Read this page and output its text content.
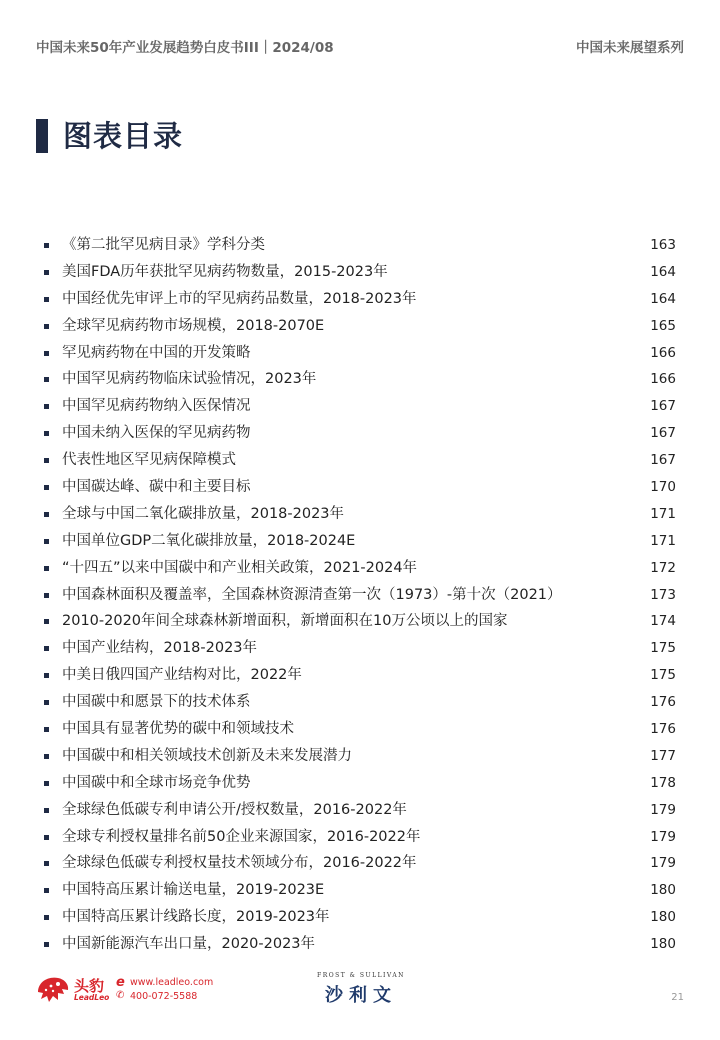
中国未来50年产业发展趋势白皮书III｜2024/08	中国未来展望系列
图表目录
《第二批罕见病目录》学科分类	163
美国FDA历年获批罕见病药物数量，2015-2023年	164
中国经优先审评上市的罕见病药品数量，2018-2023年	164
全球罕见病药物市场规模，2018-2070E	165
罕见病药物在中国的开发策略	166
中国罕见病药物临床试验情况，2023年	166
中国罕见病药物纳入医保情况	167
中国未纳入医保的罕见病药物	167
代表性地区罕见病保障模式	167
中国碳达峰、碳中和主要目标	170
全球与中国二氧化碳排放量，2018-2023年	171
中国单位GDP二氧化碳排放量，2018-2024E	171
“十四五”以来中国碳中和产业相关政策，2021-2024年	172
中国森林面积及覆盖率，全国森林资源清查第一次（1973）-第十次（2021）	173
2010-2020年间全球森林新增面积，新增面积在10万公顷以上的国家	174
中国产业结构，2018-2023年	175
中美日俄四国产业结构对比，2022年	175
中国碳中和愿景下的技术体系	176
中国具有显著优势的碳中和领域技术	176
中国碳中和相关领域技术创新及未来发展潜力	177
中国碳中和全球市场竞争优势	178
全球绿色低碳专利申请公开/授权数量，2016-2022年	179
全球专利授权量排名前50企业来源国家，2016-2022年	179
全球绿色低碳专利授权量技术领域分布，2016-2022年	179
中国特高压累计输送电量，2019-2023E	180
中国特高压累计线路长度，2019-2023年	180
中国新能源汽车出口量，2020-2023年	180
头豹
LeadLeo
e www.leadleo.com
✆ 400-072-5588
FROST & SULLIVAN
沙利文	21
